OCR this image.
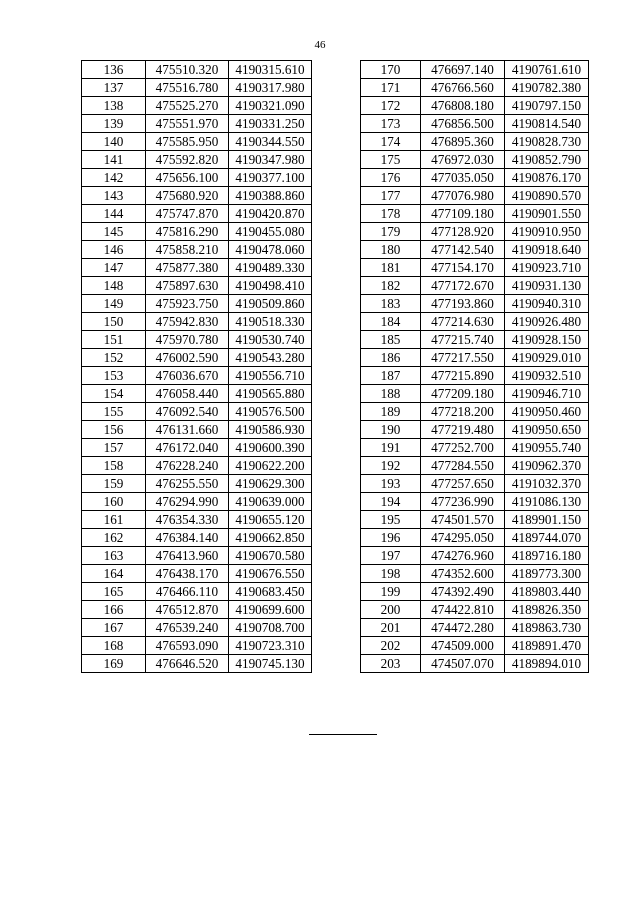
46
136	475510.320	4190315.610
137	475516.780	4190317.980
138	475525.270	4190321.090
139	475551.970	4190331.250
140	475585.950	4190344.550
141	475592.820	4190347.980
142	475656.100	4190377.100
143	475680.920	4190388.860
144	475747.870	4190420.870
145	475816.290	4190455.080
146	475858.210	4190478.060
147	475877.380	4190489.330
148	475897.630	4190498.410
149	475923.750	4190509.860
150	475942.830	4190518.330
151	475970.780	4190530.740
152	476002.590	4190543.280
153	476036.670	4190556.710
154	476058.440	4190565.880
155	476092.540	4190576.500
156	476131.660	4190586.930
157	476172.040	4190600.390
158	476228.240	4190622.200
159	476255.550	4190629.300
160	476294.990	4190639.000
161	476354.330	4190655.120
162	476384.140	4190662.850
163	476413.960	4190670.580
164	476438.170	4190676.550
165	476466.110	4190683.450
166	476512.870	4190699.600
167	476539.240	4190708.700
168	476593.090	4190723.310
169	476646.520	4190745.130
170	476697.140	4190761.610
171	476766.560	4190782.380
172	476808.180	4190797.150
173	476856.500	4190814.540
174	476895.360	4190828.730
175	476972.030	4190852.790
176	477035.050	4190876.170
177	477076.980	4190890.570
178	477109.180	4190901.550
179	477128.920	4190910.950
180	477142.540	4190918.640
181	477154.170	4190923.710
182	477172.670	4190931.130
183	477193.860	4190940.310
184	477214.630	4190926.480
185	477215.740	4190928.150
186	477217.550	4190929.010
187	477215.890	4190932.510
188	477209.180	4190946.710
189	477218.200	4190950.460
190	477219.480	4190950.650
191	477252.700	4190955.740
192	477284.550	4190962.370
193	477257.650	4191032.370
194	477236.990	4191086.130
195	474501.570	4189901.150
196	474295.050	4189744.070
197	474276.960	4189716.180
198	474352.600	4189773.300
199	474392.490	4189803.440
200	474422.810	4189826.350
201	474472.280	4189863.730
202	474509.000	4189891.470
203	474507.070	4189894.010
